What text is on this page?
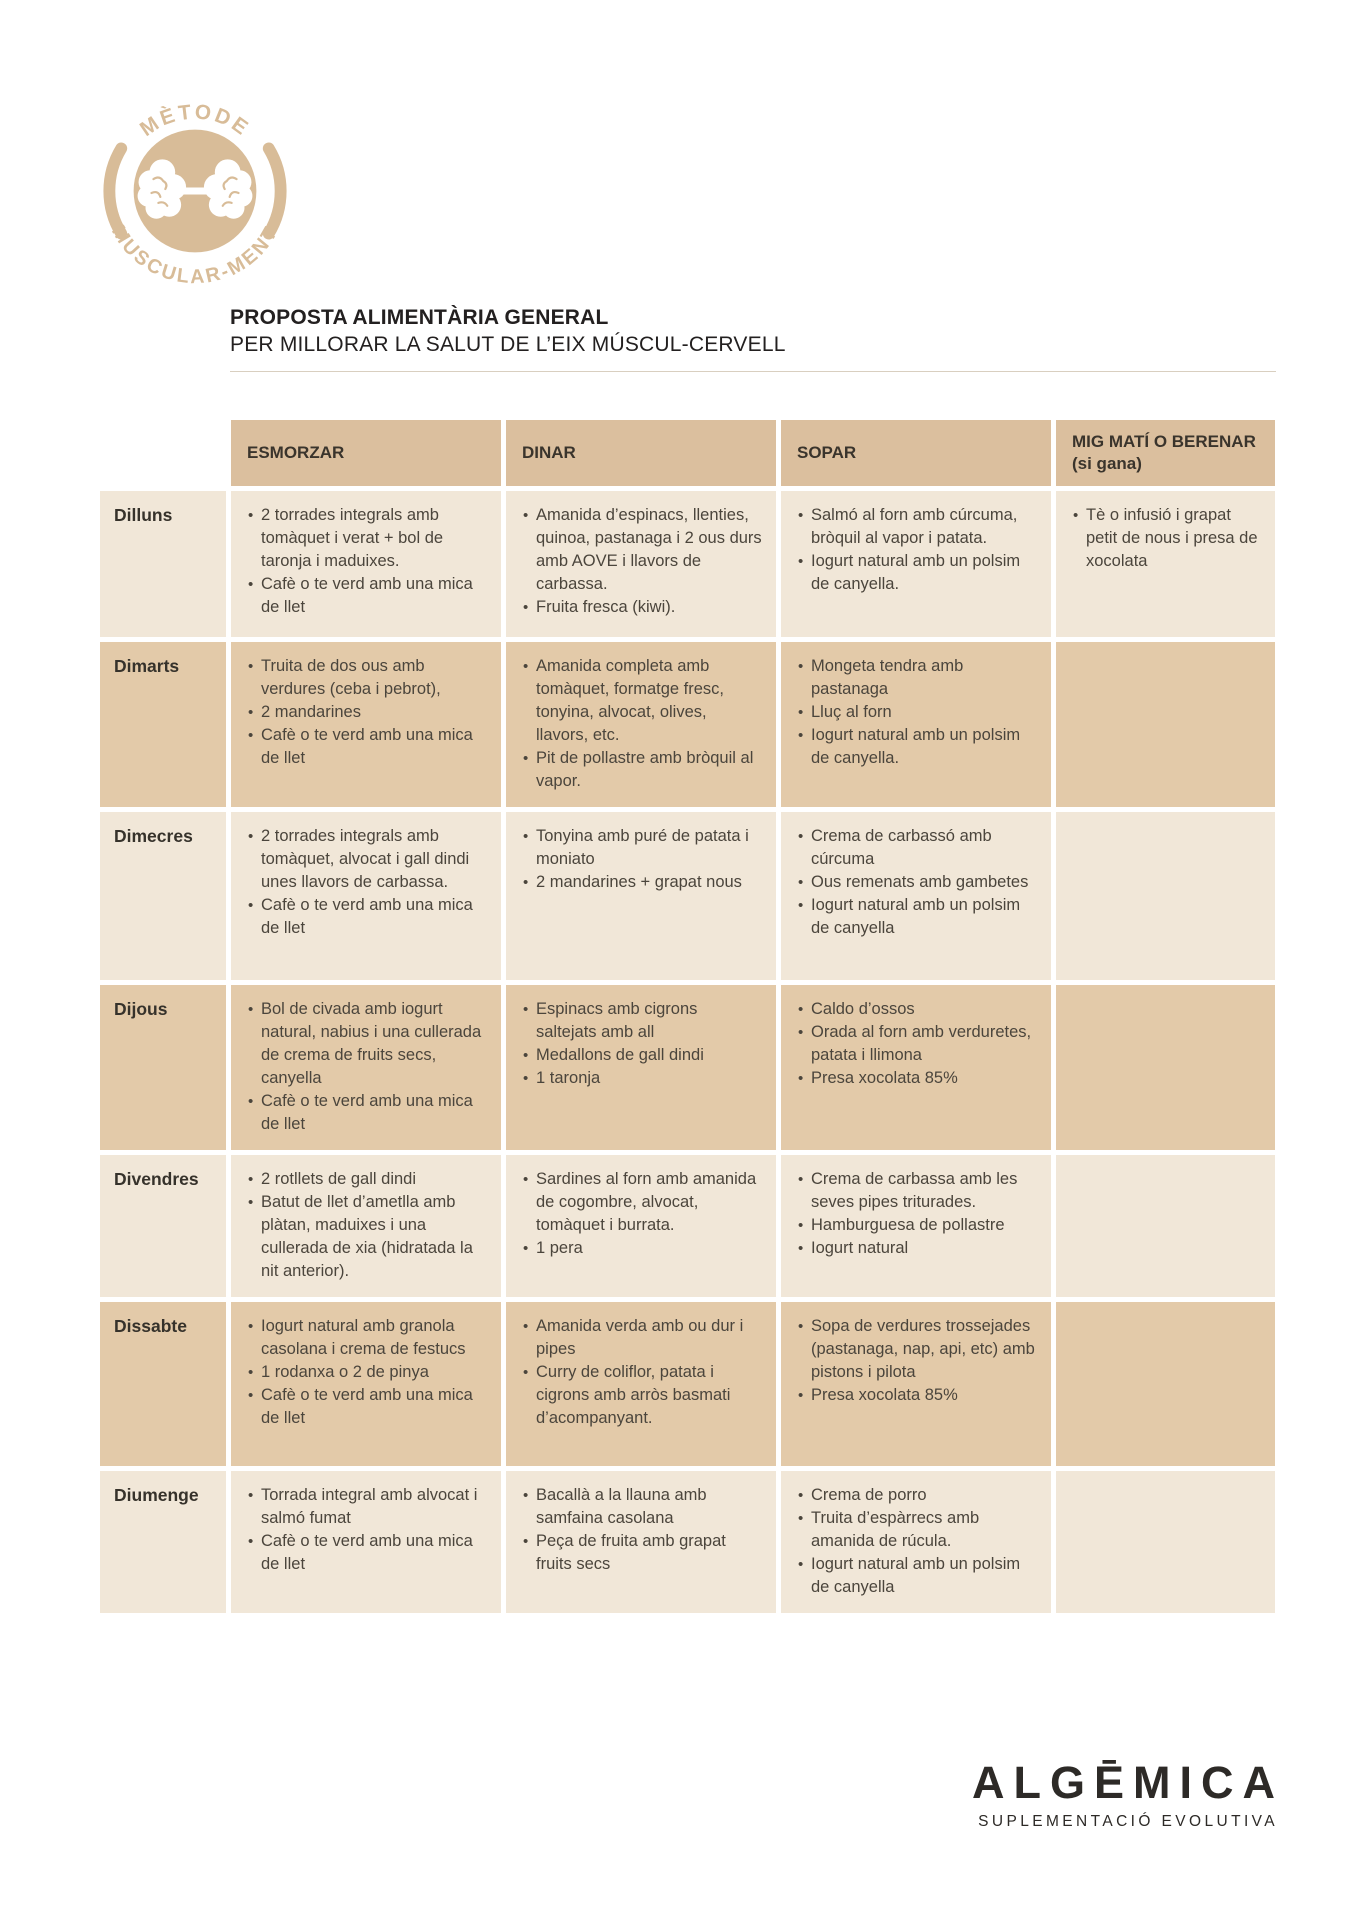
MÈTODE
MUSCULAR-MENT
PROPOSTA ALIMENTÀRIA GENERAL
PER MILLORAR LA SALUT DE L’EIX MÚSCUL-CERVELL
ESMORZAR	DINAR	SOPAR
MIG MATÍ O BERENAR (si gana)
Dilluns	• 2 torrades integrals amb tomàquet i verat + bol de taronja i maduixes.
• Cafè o te verd amb una mica de llet
• Amanida d’espinacs, llenties, quinoa, pastanaga i 2 ous durs amb AOVE i llavors de carbassa.
• Fruita fresca (kiwi).
• Salmó al forn amb cúrcuma, bròquil al vapor i patata.
• Iogurt natural amb un polsim de canyella.
• Tè o infusió i grapat petit de nous i presa de xocolata
Dimarts	• Truita de dos ous amb verdures (ceba i pebrot),
• 2 mandarines
• Cafè o te verd amb una mica de llet
• Amanida completa amb tomàquet, formatge fresc, tonyina, alvocat, olives, llavors, etc.
• Pit de pollastre amb bròquil al vapor.
• Mongeta tendra amb pastanaga
• Lluç al forn
• Iogurt natural amb un polsim de canyella.
Dimecres	• 2 torrades integrals amb tomàquet, alvocat i gall dindi unes llavors de carbassa.
• Cafè o te verd amb una mica de llet
• Tonyina amb puré de patata i moniato
• 2 mandarines + grapat nous
• Crema de carbassó amb cúrcuma
• Ous remenats amb gambetes
• Iogurt natural amb un polsim de canyella
Dijous	• Bol de civada amb iogurt natural, nabius i una cullerada de crema de fruits secs, canyella
• Cafè o te verd amb una mica de llet
• Espinacs amb cigrons saltejats amb all
• Medallons de gall dindi
• 1 taronja
• Caldo d’ossos
• Orada al forn amb verduretes, patata i llimona
• Presa xocolata 85%
Divendres	• 2 rotllets de gall dindi
• Batut de llet d’ametlla amb plàtan, maduixes i una cullerada de xia (hidratada la nit anterior).
• Sardines al forn amb amanida de cogombre, alvocat, tomàquet i burrata.
• 1 pera
• Crema de carbassa amb les seves pipes triturades.
• Hamburguesa de pollastre
• Iogurt natural
Dissabte	• Iogurt natural amb granola casolana i crema de festucs
• 1 rodanxa o 2 de pinya
• Cafè o te verd amb una mica de llet
• Amanida verda amb ou dur i pipes
• Curry de coliflor, patata i cigrons amb arròs basmati d’acompanyant.
• Sopa de verdures trossejades (pastanaga, nap, api, etc) amb pistons i pilota
• Presa xocolata 85%
Diumenge	• Torrada integral amb alvocat i salmó fumat
• Cafè o te verd amb una mica de llet
• Bacallà a la llauna amb samfaina casolana
• Peça de fruita amb grapat fruits secs
• Crema de porro
• Truita d’espàrrecs amb amanida de rúcula.
• Iogurt natural amb un polsim de canyella
ALGĒMICA
SUPLEMENTACIÓ EVOLUTIVA
